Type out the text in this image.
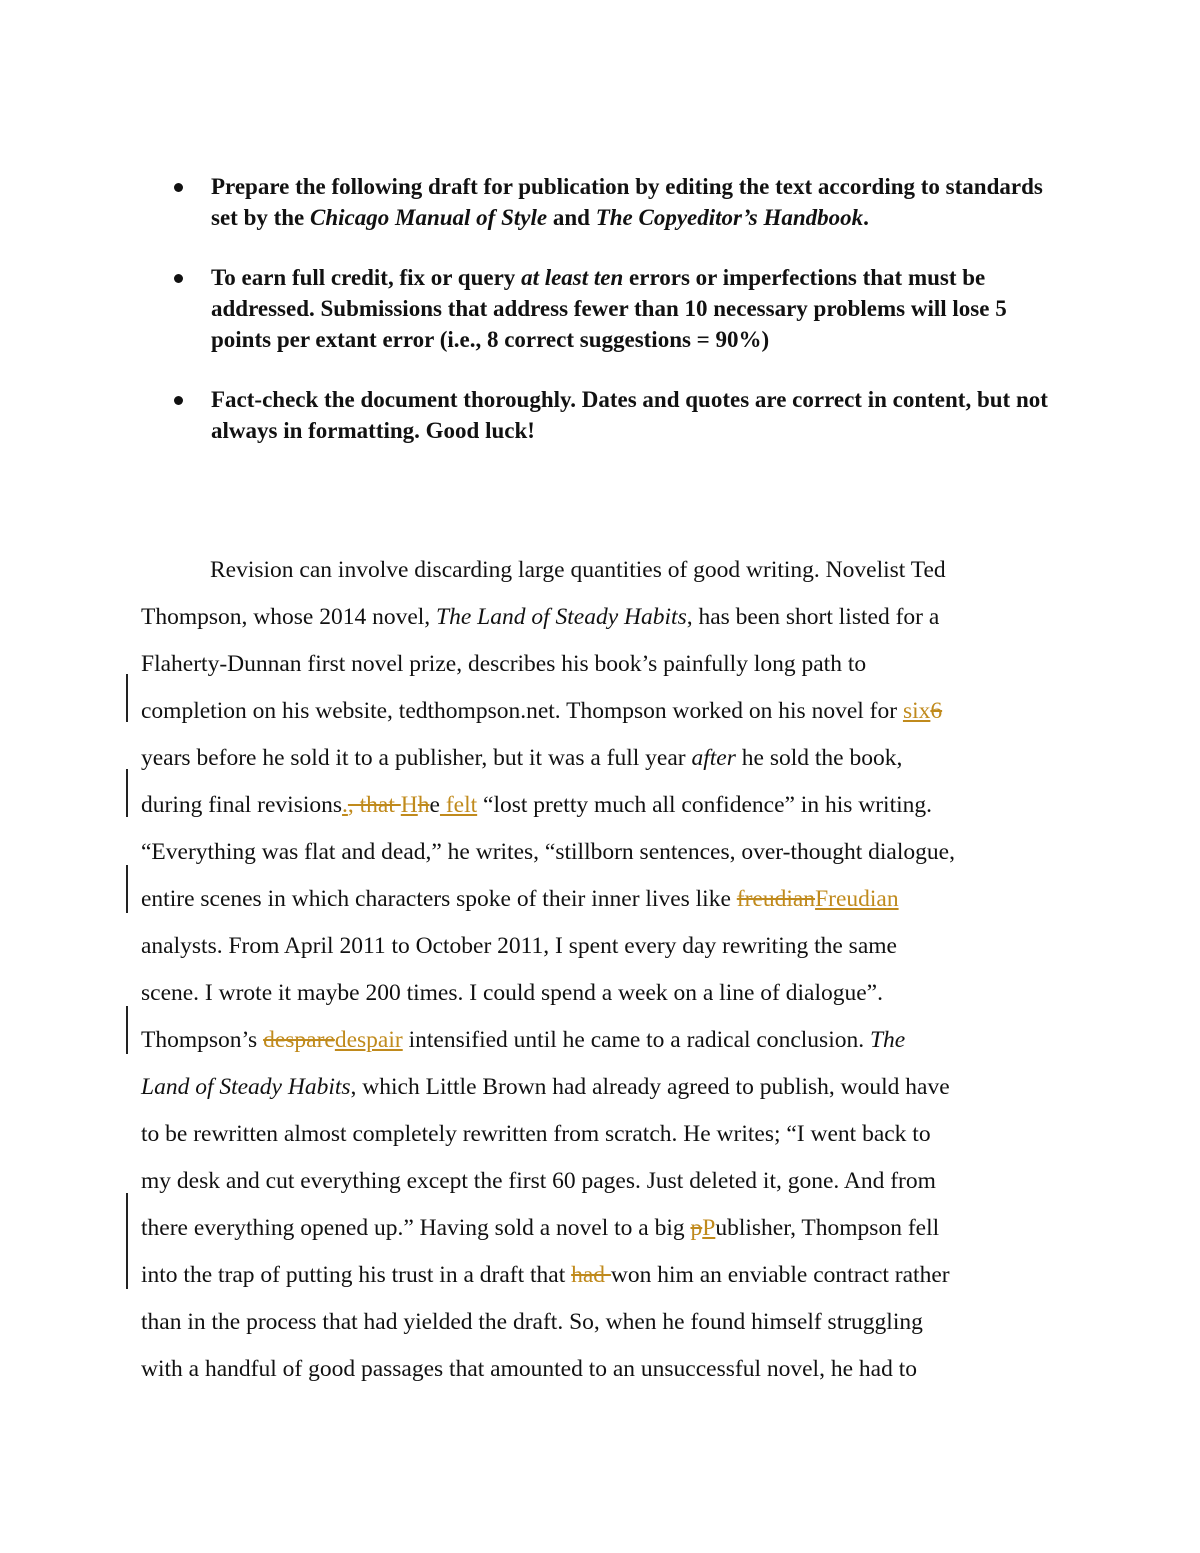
Prepare the following draft for publication by editing the text according to standards set by the Chicago Manual of Style and The Copyeditor’s Handbook.
To earn full credit, fix or query at least ten errors or imperfections that must be addressed. Submissions that address fewer than 10 necessary problems will lose 5 points per extant error (i.e., 8 correct suggestions = 90%)
Fact-check the document thoroughly. Dates and quotes are correct in content, but not always in formatting. Good luck!
Revision can involve discarding large quantities of good writing. Novelist Ted
Thompson, whose 2014 novel, The Land of Steady Habits, has been short listed for a
Flaherty-Dunnan first novel prize, describes his book’s painfully long path to
completion on his website, tedthompson.net. Thompson worked on his novel for six6
years before he sold it to a publisher, but it was a full year after he sold the book,
during final revisions., that Hhe felt “lost pretty much all confidence” in his writing.
“Everything was flat and dead,” he writes, “stillborn sentences, over-thought dialogue,
entire scenes in which characters spoke of their inner lives like freudianFreudian
analysts. From April 2011 to October 2011, I spent every day rewriting the same
scene. I wrote it maybe 200 times. I could spend a week on a line of dialogue”.
Thompson’s desparedespair intensified until he came to a radical conclusion. The
Land of Steady Habits, which Little Brown had already agreed to publish, would have
to be rewritten almost completely rewritten from scratch. He writes; “I went back to
my desk and cut everything except the first 60 pages. Just deleted it, gone. And from
there everything opened up.” Having sold a novel to a big pPublisher, Thompson fell
into the trap of putting his trust in a draft that had won him an enviable contract rather
than in the process that had yielded the draft. So, when he found himself struggling
with a handful of good passages that amounted to an unsuccessful novel, he had to
